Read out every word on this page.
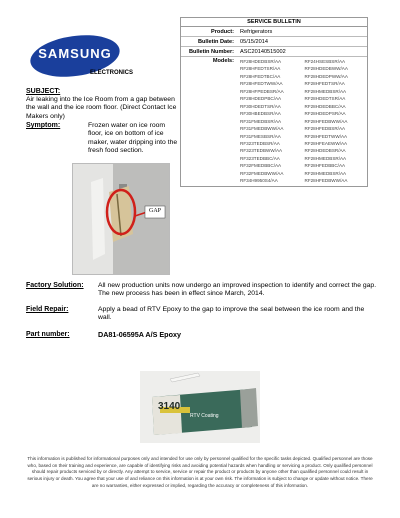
SAMSUNG
ELECTRONICS
SERVICE BULLETIN
Product:	Refrigerators
Bulletin Date:	05/15/2014
Bulletin Number:	ASC20140515002
Models:	RF28HDEDBSR/AA	RF24HSESBSR/AA
RF28HFEDTSR/AA	RF28HDEDBWW/AA
RF28HFEDTBC/AA	RF28HDEDPWW/AA
RF28HFEDTWW/AA	RF28HFEDTSR/AA
RF28HFPEDBSR/AA	RF28HMEDBSR/AA
RF28HDEDPBC/AA	RF28HDEDTSR/AA
RF30HDEDTSR/AA	RF28HDEDBBC/AA
RF30HBEDBSR/AA	RF28HDEDPSR/AA
RF31FMEDBSR/AA	RF28HFEDBWW/AA
RF31FMEDBWW/AA	RF28HFEDBSR/AA
RF31FMESBSR/AA	RF28HFEDTWW/AA
RF323TEDBSR/AA	RF28HFEAEWW/AA
RF323TEDBWW/AA	RF28HDEDBSR/AA
RF323TEDBBC/AA	RF28HMEDBSR/AA
RF32FMEDBBC/AA	RF28HFEDBBC/AA
RF32FMEDBWW/AA	RF28HMEDBSR/AA
RF34H9950S4/AA	RF28HFEDBWW/AA
SUBJECT:
Air leaking into the Ice Room from a gap between the wall and the ice room floor. (Direct Contact Ice Makers only)
Symptom:	Frozen water on ice room floor, ice on bottom of ice maker, water dripping into the fresh food section.
GAP
Factory Solution: All new production units now undergo an improved inspection to identify and correct the gap. The new process has been in effect since March, 2014.
Field Repair:	Apply a bead of RTV Epoxy to the gap to improve the seal between the ice room and the wall.
Part number:	DA81-06595A A/S Epoxy
3140
RTV Coating
This information is published for informational purposes only and intended for use only by personnel qualified for the specific tasks depicted. Qualified personnel are those who, based on their training and experience, are capable of identifying risks and avoiding potential hazards when handling or servicing a product. Only qualified personnel should repair products serviced by or directly. Any attempt to service, service or repair the product or products by anyone other than qualified personnel could result in serious injury or death. You agree that your use of and reliance on this information is at your own risk. The information is subject to change or update without notice. There are no warranties, either expressed or implied, regarding the accuracy or completeness of this information.
